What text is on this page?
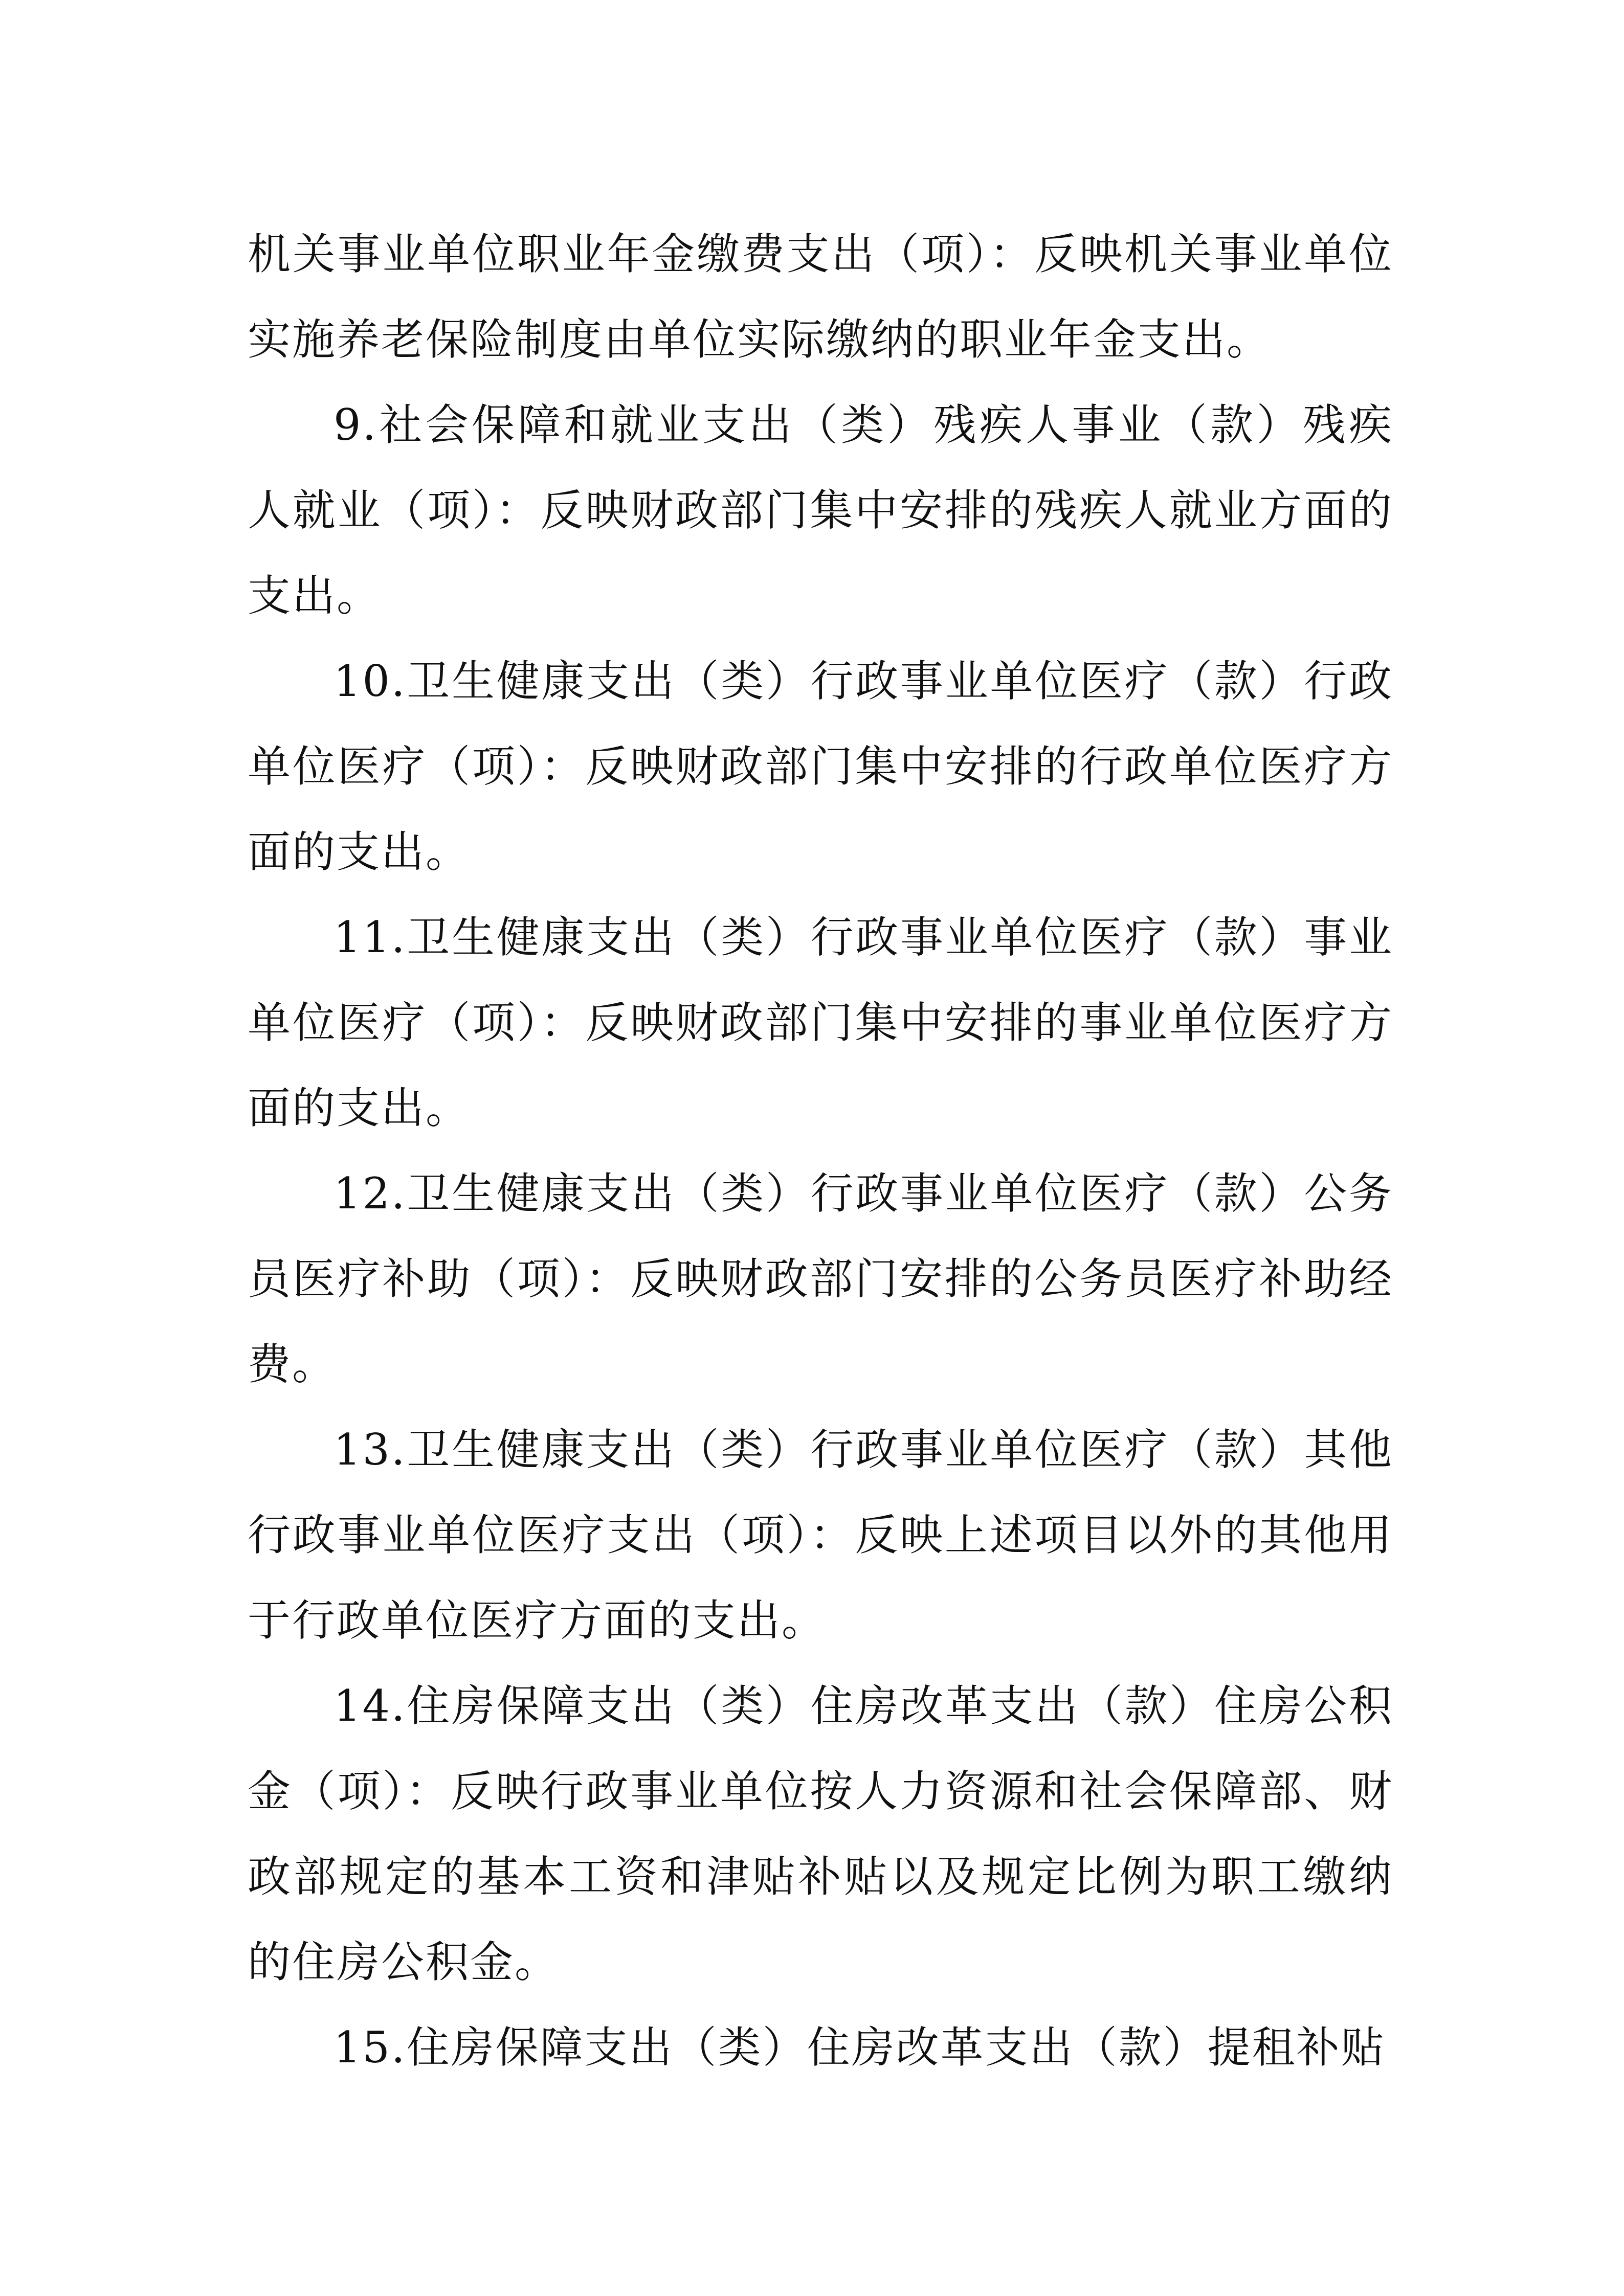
机关事业单位职业年金缴费支出（项）：反映机关事业单位实施养老保险制度由单位实际缴纳的职业年金支出。

9.社会保障和就业支出（类）残疾人事业（款）残疾人就业（项）：反映财政部门集中安排的残疾人就业方面的支出。

10.卫生健康支出（类）行政事业单位医疗（款）行政单位医疗（项）：反映财政部门集中安排的行政单位医疗方面的支出。

11.卫生健康支出（类）行政事业单位医疗（款）事业单位医疗（项）：反映财政部门集中安排的事业单位医疗方面的支出。

12.卫生健康支出（类）行政事业单位医疗（款）公务员医疗补助（项）：反映财政部门安排的公务员医疗补助经费。

13.卫生健康支出（类）行政事业单位医疗（款）其他行政事业单位医疗支出（项）：反映上述项目以外的其他用于行政单位医疗方面的支出。

14.住房保障支出（类）住房改革支出（款）住房公积金（项）：反映行政事业单位按人力资源和社会保障部、财政部规定的基本工资和津贴补贴以及规定比例为职工缴纳的住房公积金。

15.住房保障支出（类）住房改革支出（款）提租补贴
